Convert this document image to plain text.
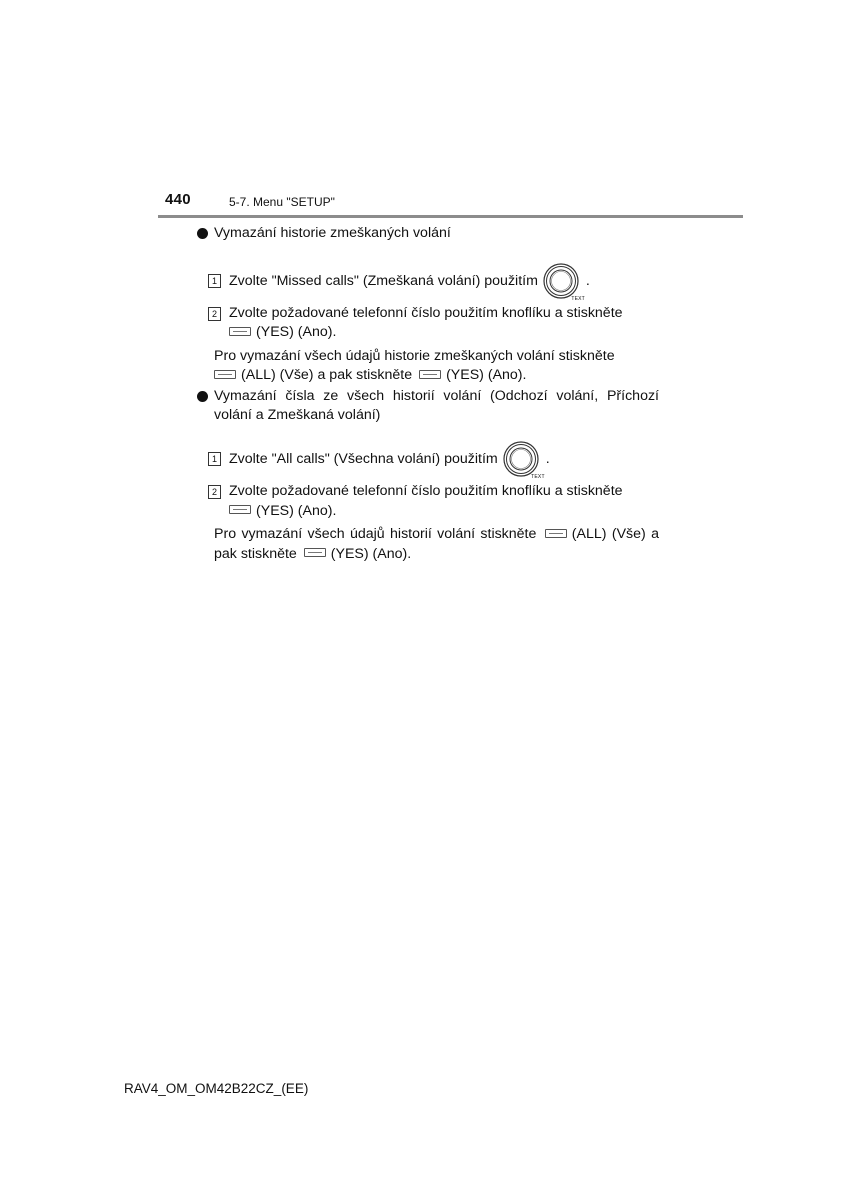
440	5-7. Menu "SETUP"

Vymazání historie zmeškaných volání

1 Zvolte "Missed calls" (Zmeškaná volání) použitím
TEXT
.

2 Zvolte požadované telefonní číslo použitím knoflíku a stiskněte
(YES) (Ano).

Pro vymazání všech údajů historie zmeškaných volání stiskněte
(ALL) (Vše) a pak stiskněte (YES) (Ano).

Vymazání čísla ze všech historií volání (Odchozí volání, Příchozí volání a Zmeškaná volání)

1 Zvolte "All calls" (Všechna volání) použitím
TEXT
.

2 Zvolte požadované telefonní číslo použitím knoflíku a stiskněte
(YES) (Ano).

Pro vymazání všech údajů historií volání stiskněte (ALL) (Vše) a pak stiskněte (YES) (Ano).

RAV4_OM_OM42B22CZ_(EE)
